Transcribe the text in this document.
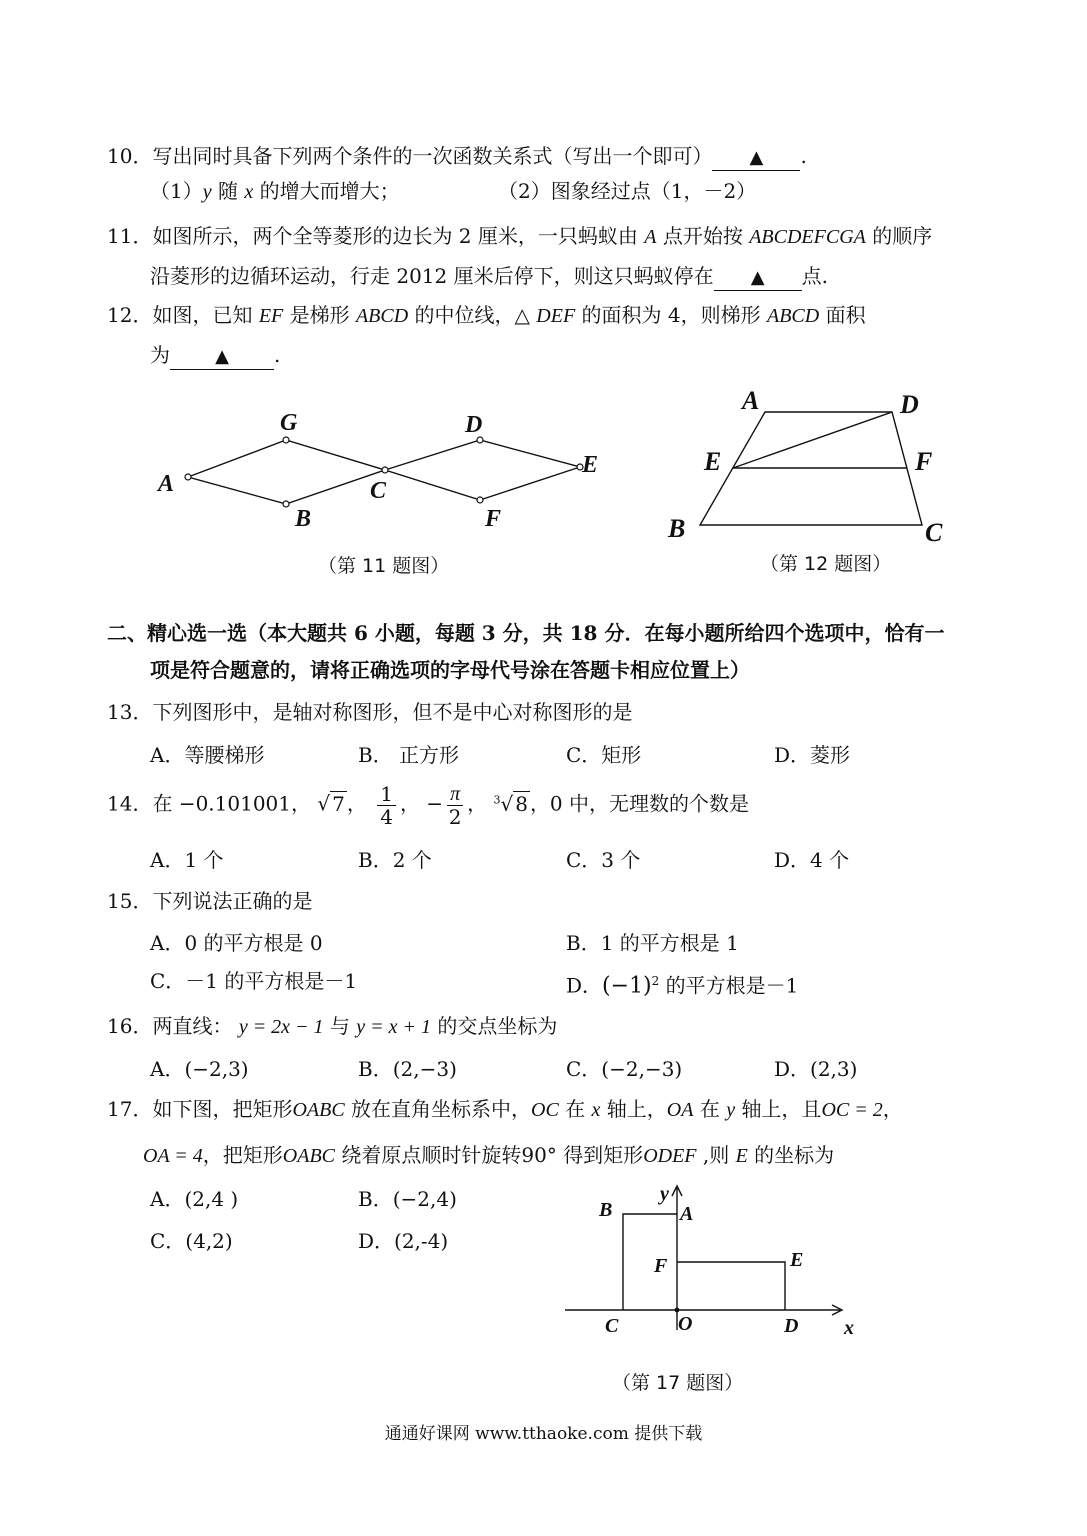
10．写出同时具备下列两个条件的一次函数关系式（写出一个即可） ▲ .
（1）y 随 x 的增大而增大；	（2）图象经过点（1，－2）
11．如图所示，两个全等菱形的边长为 2 厘米，一只蚂蚁由 A 点开始按 ABCDEFCGA 的顺序
沿菱形的边循环运动，行走 2012 厘米后停下，则这只蚂蚁停在 ▲ 点.
12．如图，已知 EF 是梯形 ABCD 的中位线，△ DEF 的面积为 4，则梯形 ABCD 面积
为	▲ .
A
G
B
C
D
F
E
（第 11 题图）
A	D
E	F
B	C
（第 12 题图）
二、精心选一选（本大题共 6 小题，每题 3 分，共 18 分．在每小题所给四个选项中，恰有一
项是符合题意的，请将正确选项的字母代号涂在答题卡相应位置上）
13．下列图形中，是轴对称图形，但不是中心对称图形的是
A．等腰梯形	B． 正方形	C．矩形	D．菱形
14．在 −0.101001， √ 7 ， $\frac{1}{4}$ ， − $\frac{\pi}{2}$ ， $^3$√ 8 ，0 中，无理数的个数是
A．1 个	B．2 个	C．3 个	D．4 个
15．下列说法正确的是
A．0 的平方根是 0	B．1 的平方根是 1
C．－1 的平方根是－1	D．$(-1)^2$ 的平方根是－1
16．两直线： y = 2x − 1 与 y = x + 1 的交点坐标为
A．(−2,3)	B．(2,−3)	C．(−2,−3)	D．(2,3)
17．如下图，把矩形OABC 放在直角坐标系中，OC 在 x 轴上，OA 在 y 轴上，且OC = 2，
OA = 4，把矩形OABC 绕着原点顺时针旋转90° 得到矩形ODEF ,则 E 的坐标为
A．(2,4 )	B．(−2,4)
C．(4,2)	D．(2,-4)
B
y
A
F	E
C	O	D x
（第 17 题图）
通通好课网 www.tthaoke.com 提供下载
